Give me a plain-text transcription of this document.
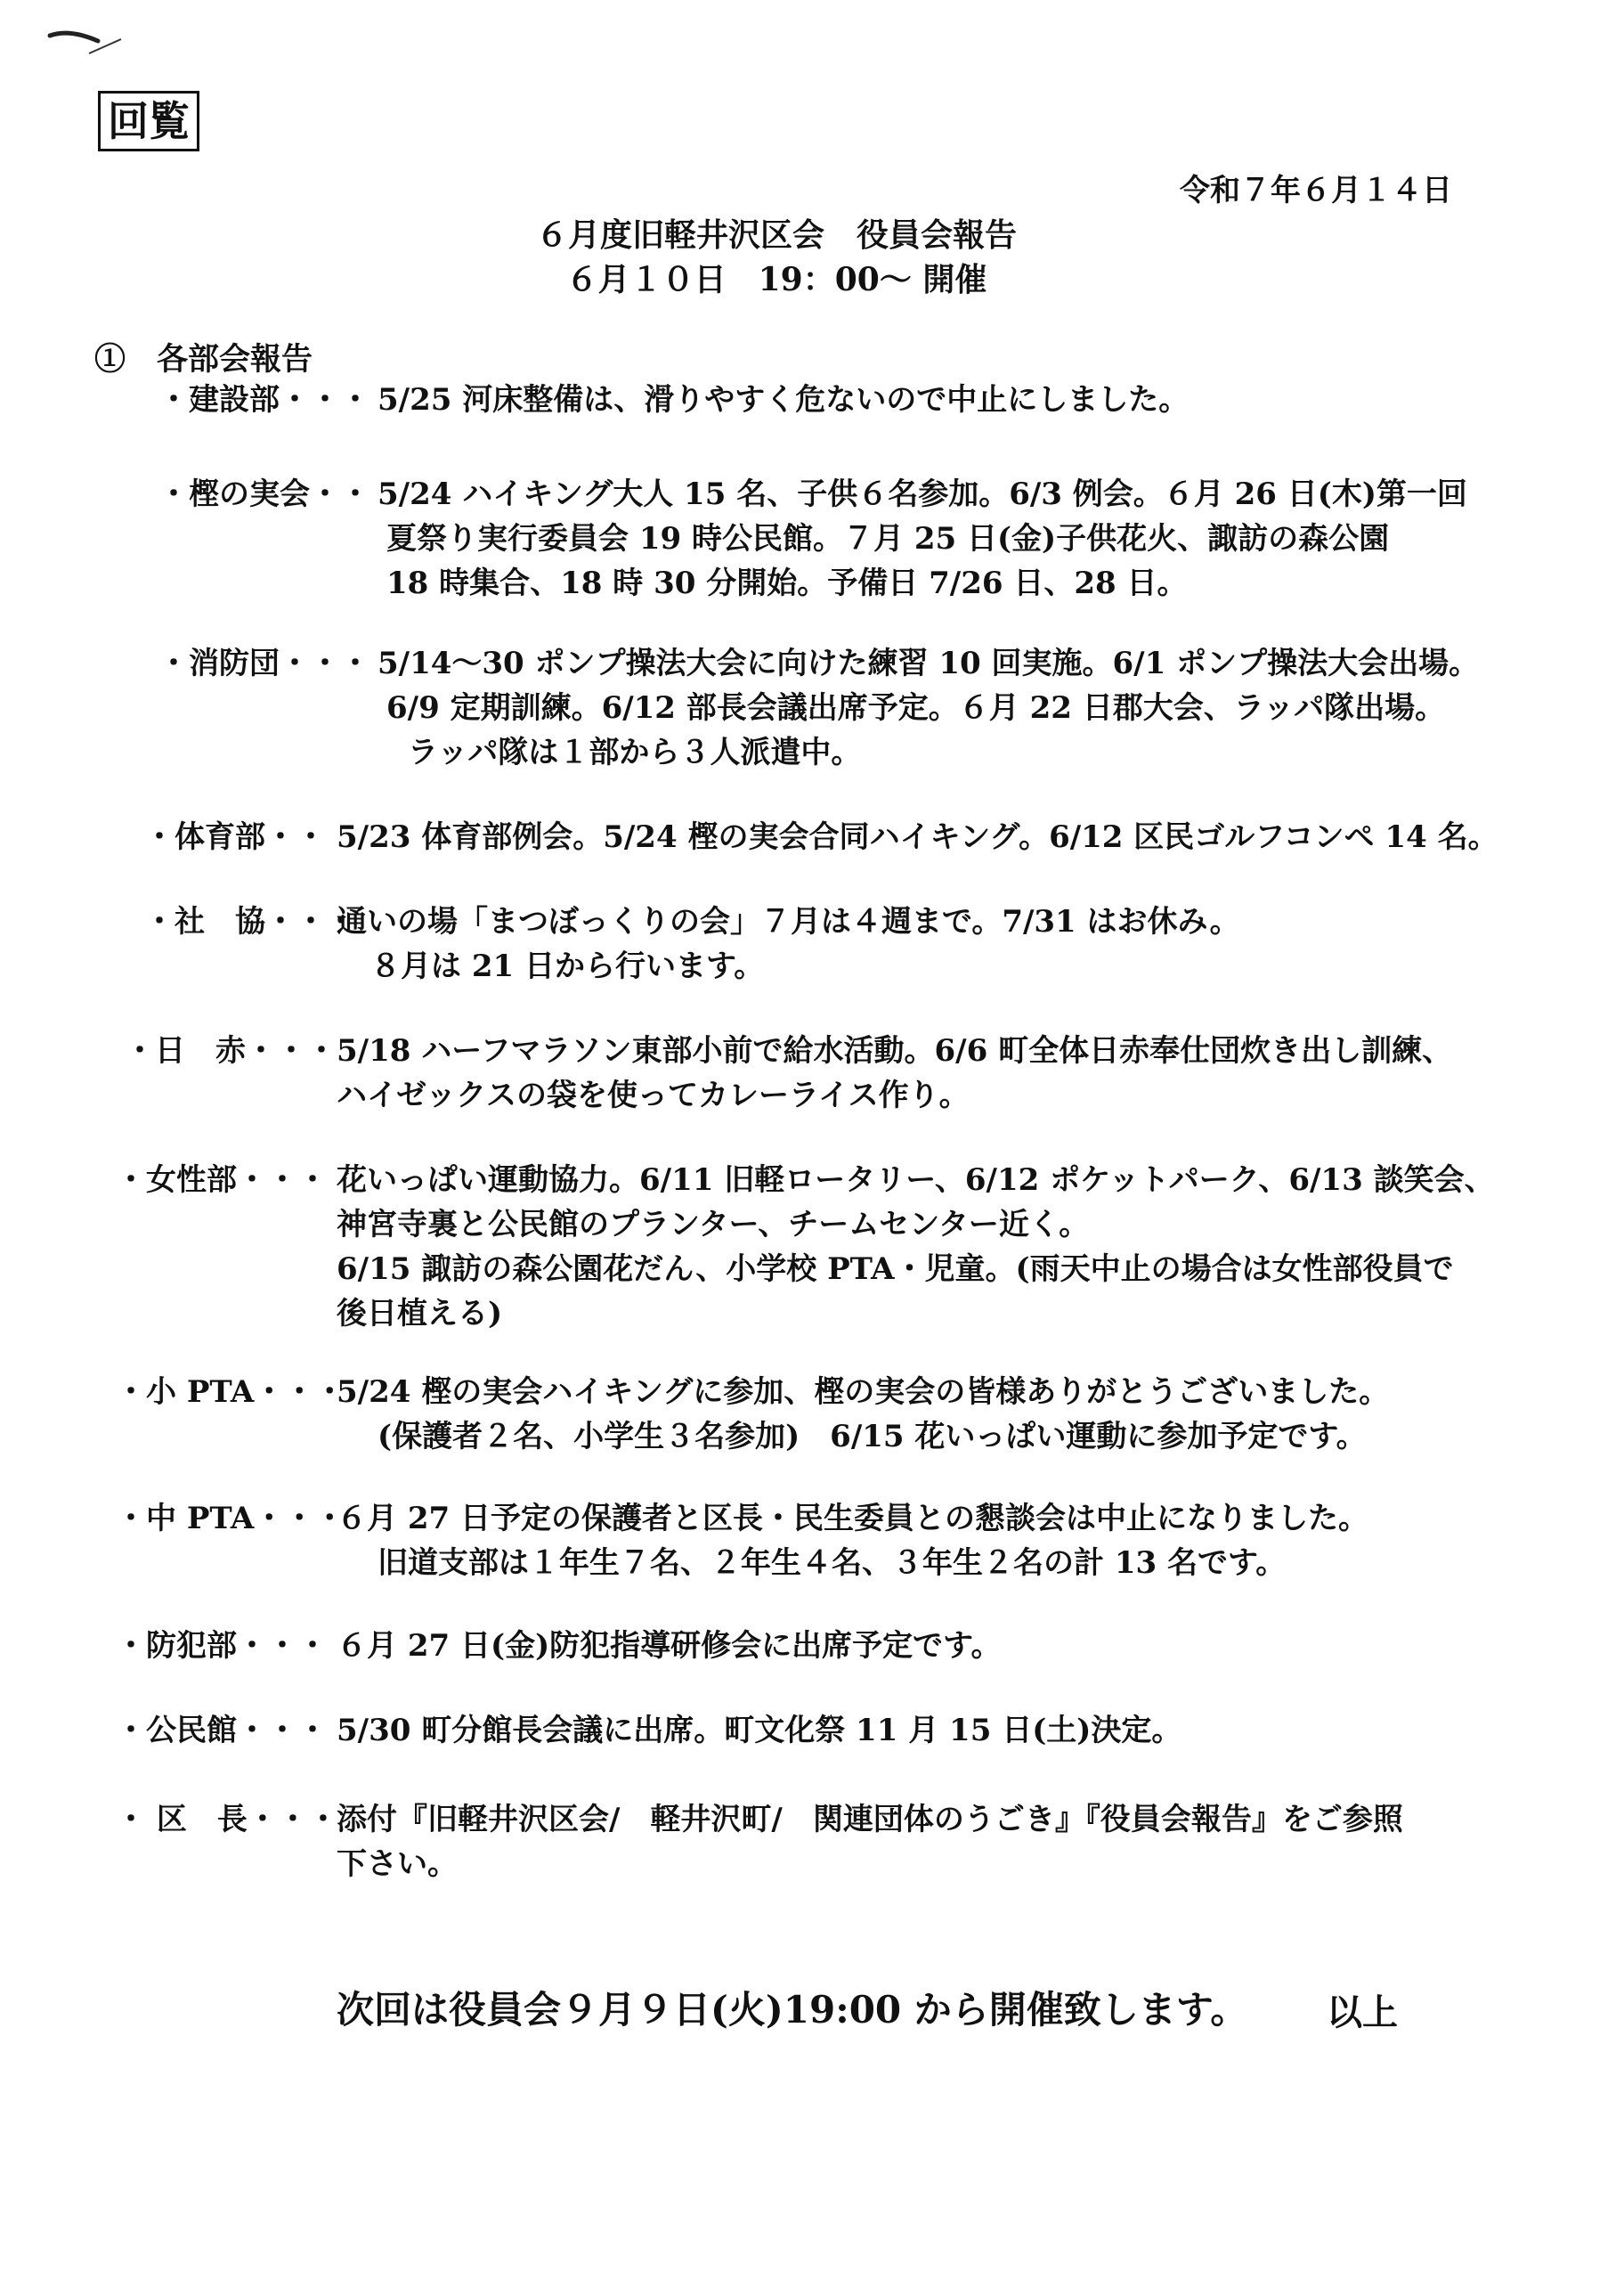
回覧
令和７年６月１４日
６月度旧軽井沢区会　役員会報告
６月１０日　19：00～ 開催
①　各部会報告
・建設部・・・ 5/25 河床整備は、滑りやすく危ないので中止にしました。
・樫の実会・・ 5/24 ハイキング大人 15 名、子供６名参加。6/3 例会。６月 26 日(木)第一回
夏祭り実行委員会 19 時公民館。７月 25 日(金)子供花火、諏訪の森公園
18 時集合、18 時 30 分開始。予備日 7/26 日、28 日。
・消防団・・・ 5/14～30 ポンプ操法大会に向けた練習 10 回実施。6/1 ポンプ操法大会出場。
6/9 定期訓練。6/12 部長会議出席予定。６月 22 日郡大会、ラッパ隊出場。
ラッパ隊は１部から３人派遣中。
・体育部・・ 5/23 体育部例会。5/24 樫の実会合同ハイキング。6/12 区民ゴルフコンペ 14 名。
・社　協・・・
通いの場「まつぼっくりの会」７月は４週まで。7/31 はお休み。
８月は 21 日から行います。
・日　赤・・・ 5/18 ハーフマラソン東部小前で給水活動。6/6 町全体日赤奉仕団炊き出し訓練、
ハイゼックスの袋を使ってカレーライス作り。
・女性部・・・ 花いっぱい運動協力。6/11 旧軽ロータリー、6/12 ポケットパーク、6/13 談笑会、
神宮寺裏と公民館のプランター、チームセンター近く。
6/15 諏訪の森公園花だん、小学校 PTA・児童。(雨天中止の場合は女性部役員で
後日植える)
・小 PTA・・・
5/24 樫の実会ハイキングに参加、樫の実会の皆様ありがとうございました。
(保護者２名、小学生３名参加)　6/15 花いっぱい運動に参加予定です。
・中 PTA・・・
６月 27 日予定の保護者と区長・民生委員との懇談会は中止になりました。
旧道支部は１年生７名、２年生４名、３年生２名の計 13 名です。
・防犯部・・・ ６月 27 日(金)防犯指導研修会に出席予定です。
・公民館・・・ 5/30 町分館長会議に出席。町文化祭 11 月 15 日(土)決定。
・ 区　長・・・
添付『旧軽井沢区会/　軽井沢町/　関連団体のうごき』『役員会報告』をご参照
下さい。
次回は役員会９月９日(火)19:00 から開催致します。 以上
